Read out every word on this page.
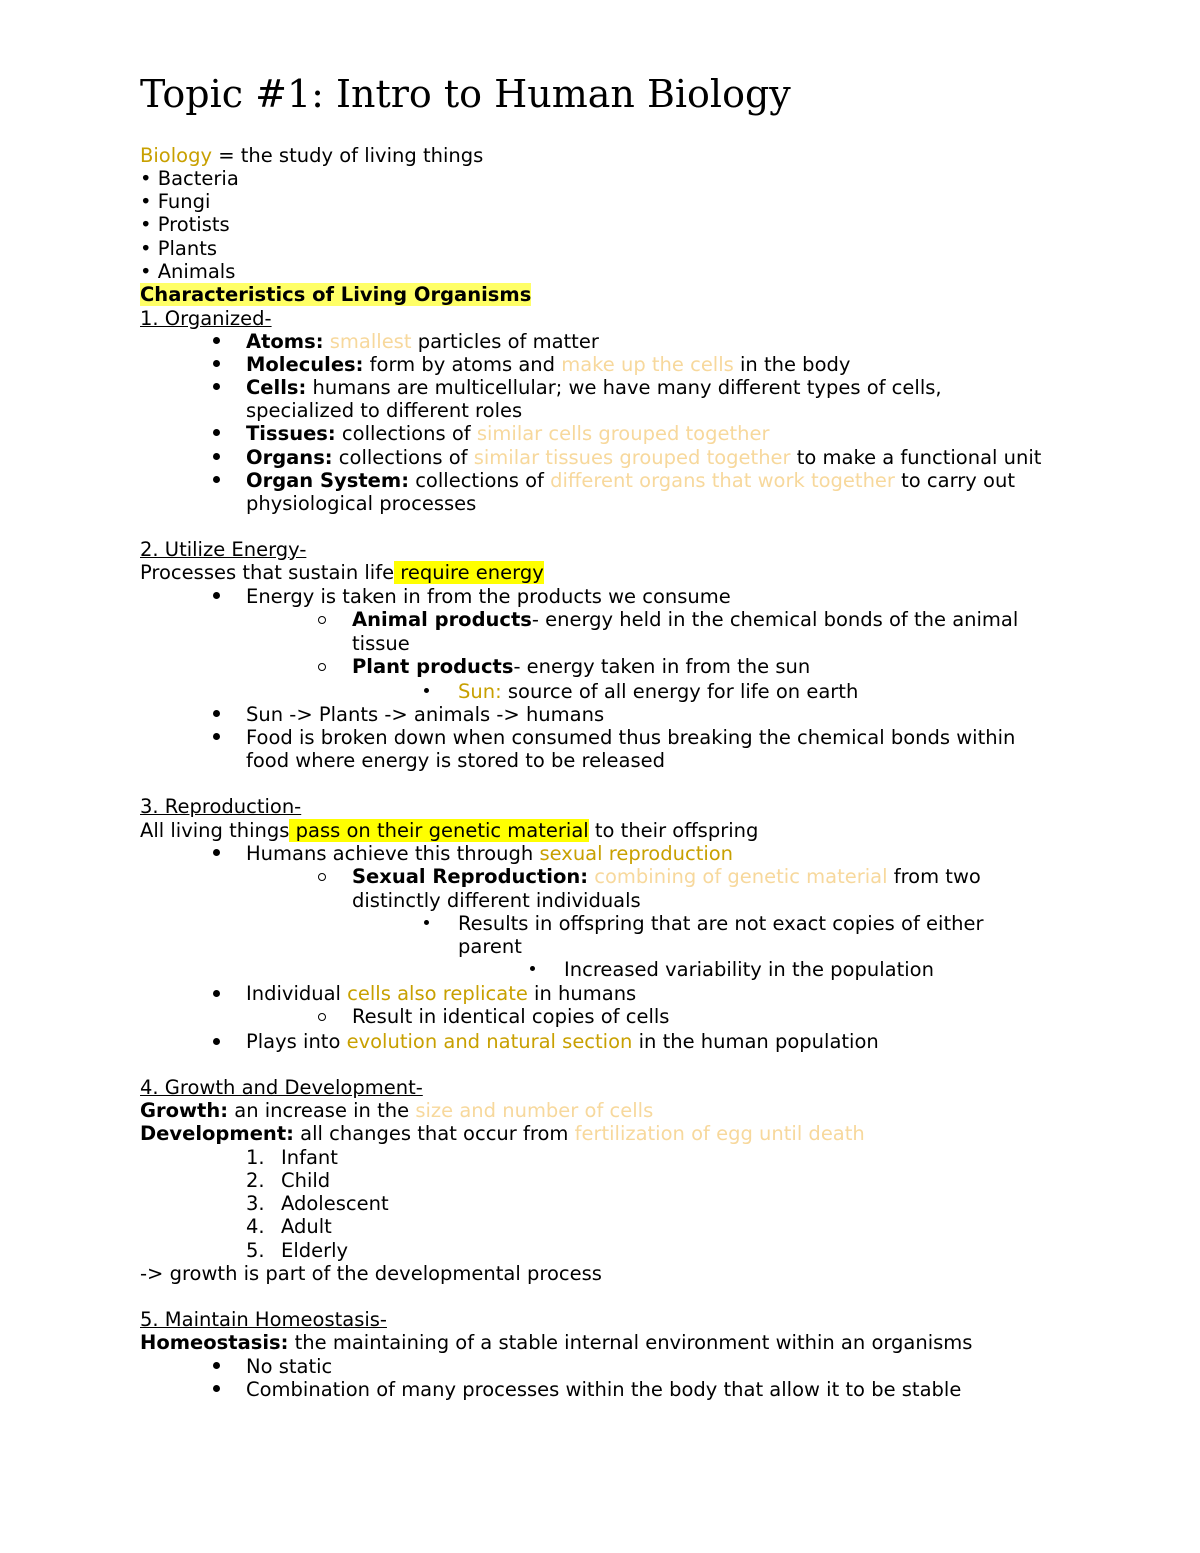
Topic #1: Intro to Human Biology
Biology = the study of living things
• Bacteria
• Fungi
• Protists
• Plants
• Animals
Characteristics of Living Organisms
1. Organized-
Atoms: smallest particles of matter
Molecules: form by atoms and make up the cells in the body
Cells: humans are multicellular; we have many different types of cells,
specialized to different roles
Tissues: collections of similar cells grouped together
Organs: collections of similar tissues grouped together to make a functional unit
Organ System: collections of different organs that work together to carry out
physiological processes
2. Utilize Energy-
Processes that sustain life require energy
Energy is taken in from the products we consume
Animal products- energy held in the chemical bonds of the animal
tissue
Plant products- energy taken in from the sun
Sun: source of all energy for life on earth
Sun -> Plants -> animals -> humans
Food is broken down when consumed thus breaking the chemical bonds within
food where energy is stored to be released
3. Reproduction-
All living things pass on their genetic material to their offspring
Humans achieve this through sexual reproduction
Sexual Reproduction: combining of genetic material from two
distinctly different individuals
Results in offspring that are not exact copies of either
parent
Increased variability in the population
Individual cells also replicate in humans
Result in identical copies of cells
Plays into evolution and natural section in the human population
4. Growth and Development-
Growth: an increase in the size and number of cells
Development: all changes that occur from fertilization of egg until death
1. Infant
2. Child
3. Adolescent
4. Adult
5. Elderly
-> growth is part of the developmental process
5. Maintain Homeostasis-
Homeostasis: the maintaining of a stable internal environment within an organisms
No static
Combination of many processes within the body that allow it to be stable
